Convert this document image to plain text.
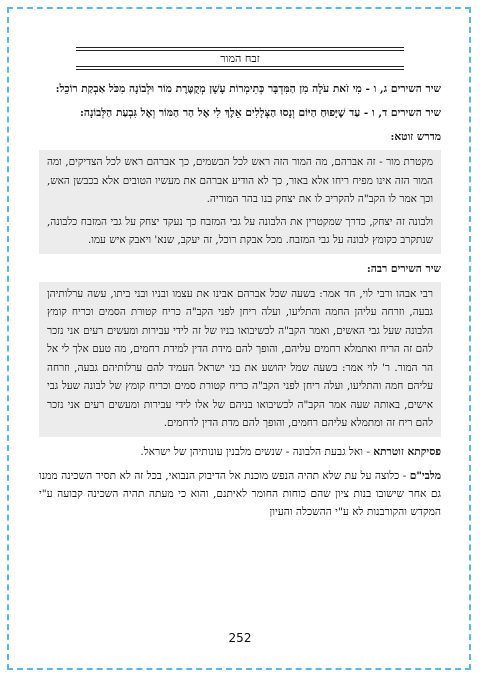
זבח המור

שיר השירים ג, ו - מִי זֹאת עֹלָה מִן הַמִּדְבָּר כְּתִימְרוֹת עָשָׁן מְקֻטֶּרֶת מוֹר וּלְבוֹנָה מִכֹּל אַבְקַת רוֹכֵל:

שיר השירים ד, ו - עַד שֶׁיָּפוּחַ הַיּוֹם וְנָסוּ הַצְּלָלִים אֵלֶךְ לִי אֶל הַר הַמּוֹר וְאֶל גִּבְעַת הַלְּבוֹנָה:

מדרש זוטא:
מקטרת מור - זה אברהם, מה המור הזה ראש לכל הבשמים, כך אברהם ראש לכל הצדיקים, ומה המור הזה אינו מפיח ריחו אלא באור, כך לא הודיע אברהם את מעשיו הטובים אלא בכבשן האש, וכך אמר לו הקב"ה להקריב לו את יצחק בנו בהר המוריה.
ולבונה זה יצחק, כדרך שמקטרין את הלבונה על גבי המזבח כך נעקד יצחק על גבי המזבח כלבונה, שנתקרב כקומץ לבונה על גבי המזבח. מכל אבקת רוכל, זה יעקב, שנא' ויאבק איש עמו.
שיר השירים רבה:
רבי אבהו ורבי לוי, חד אמר: בשעה שכל אברהם אבינו את עצמו ובניו ובני ביתו, עשה ערלותיהן גבעה, וזרחה עליהן החמה והתליעו, ועלה ריחן לפני הקב"ה כריח קטורת הסמים וכריח קומץ הלבונה שעל גבי האשים, ואמר הקב"ה לכשיבואו בניו של זה לידי עבירות ומעשים רעים אני נזכר להם זה הריח ואתמלא רחמים עליהם, והופך להם מידת הדין למידת רחמים, מה טעם אלך לי אל הר המור. ר' לוי אמר: בשעה שמל יהושע את בני ישראל העמיד להם ערלותיהם גבעה, וזרחה עליהם חמה והתליעו, ועלה ריחן לפני הקב"ה כריח קטורת סמים וכריח קומץ של לבונה שעל גבי אישים, באותה שעה אמר הקב"ה לכשיבואו בניהם של אלו לידי עבירות ומעשים רעים אני נזכר להם ריח זה ומתמלא עליהם רחמים, והופך להם מדת הדין לרחמים.

פסיקתא זוטרתא - ואל גבעת הלבונה - שנשים מלבנין עונותיהן של ישראל.

מלבי"ם - כלוצה על עת שלא תהיה הנפש מוכנת אל הדיבוק הנבואי, בכל זה לא תסיר השכינה ממנו גם אחר שישובו בנות ציון שהם כוחות החומר לאיתנם, והוא כי מעתה תהיה השכינה קבועה ע"י המקדש והקורבנות לא ע"י ההשכלה והעיון

252
